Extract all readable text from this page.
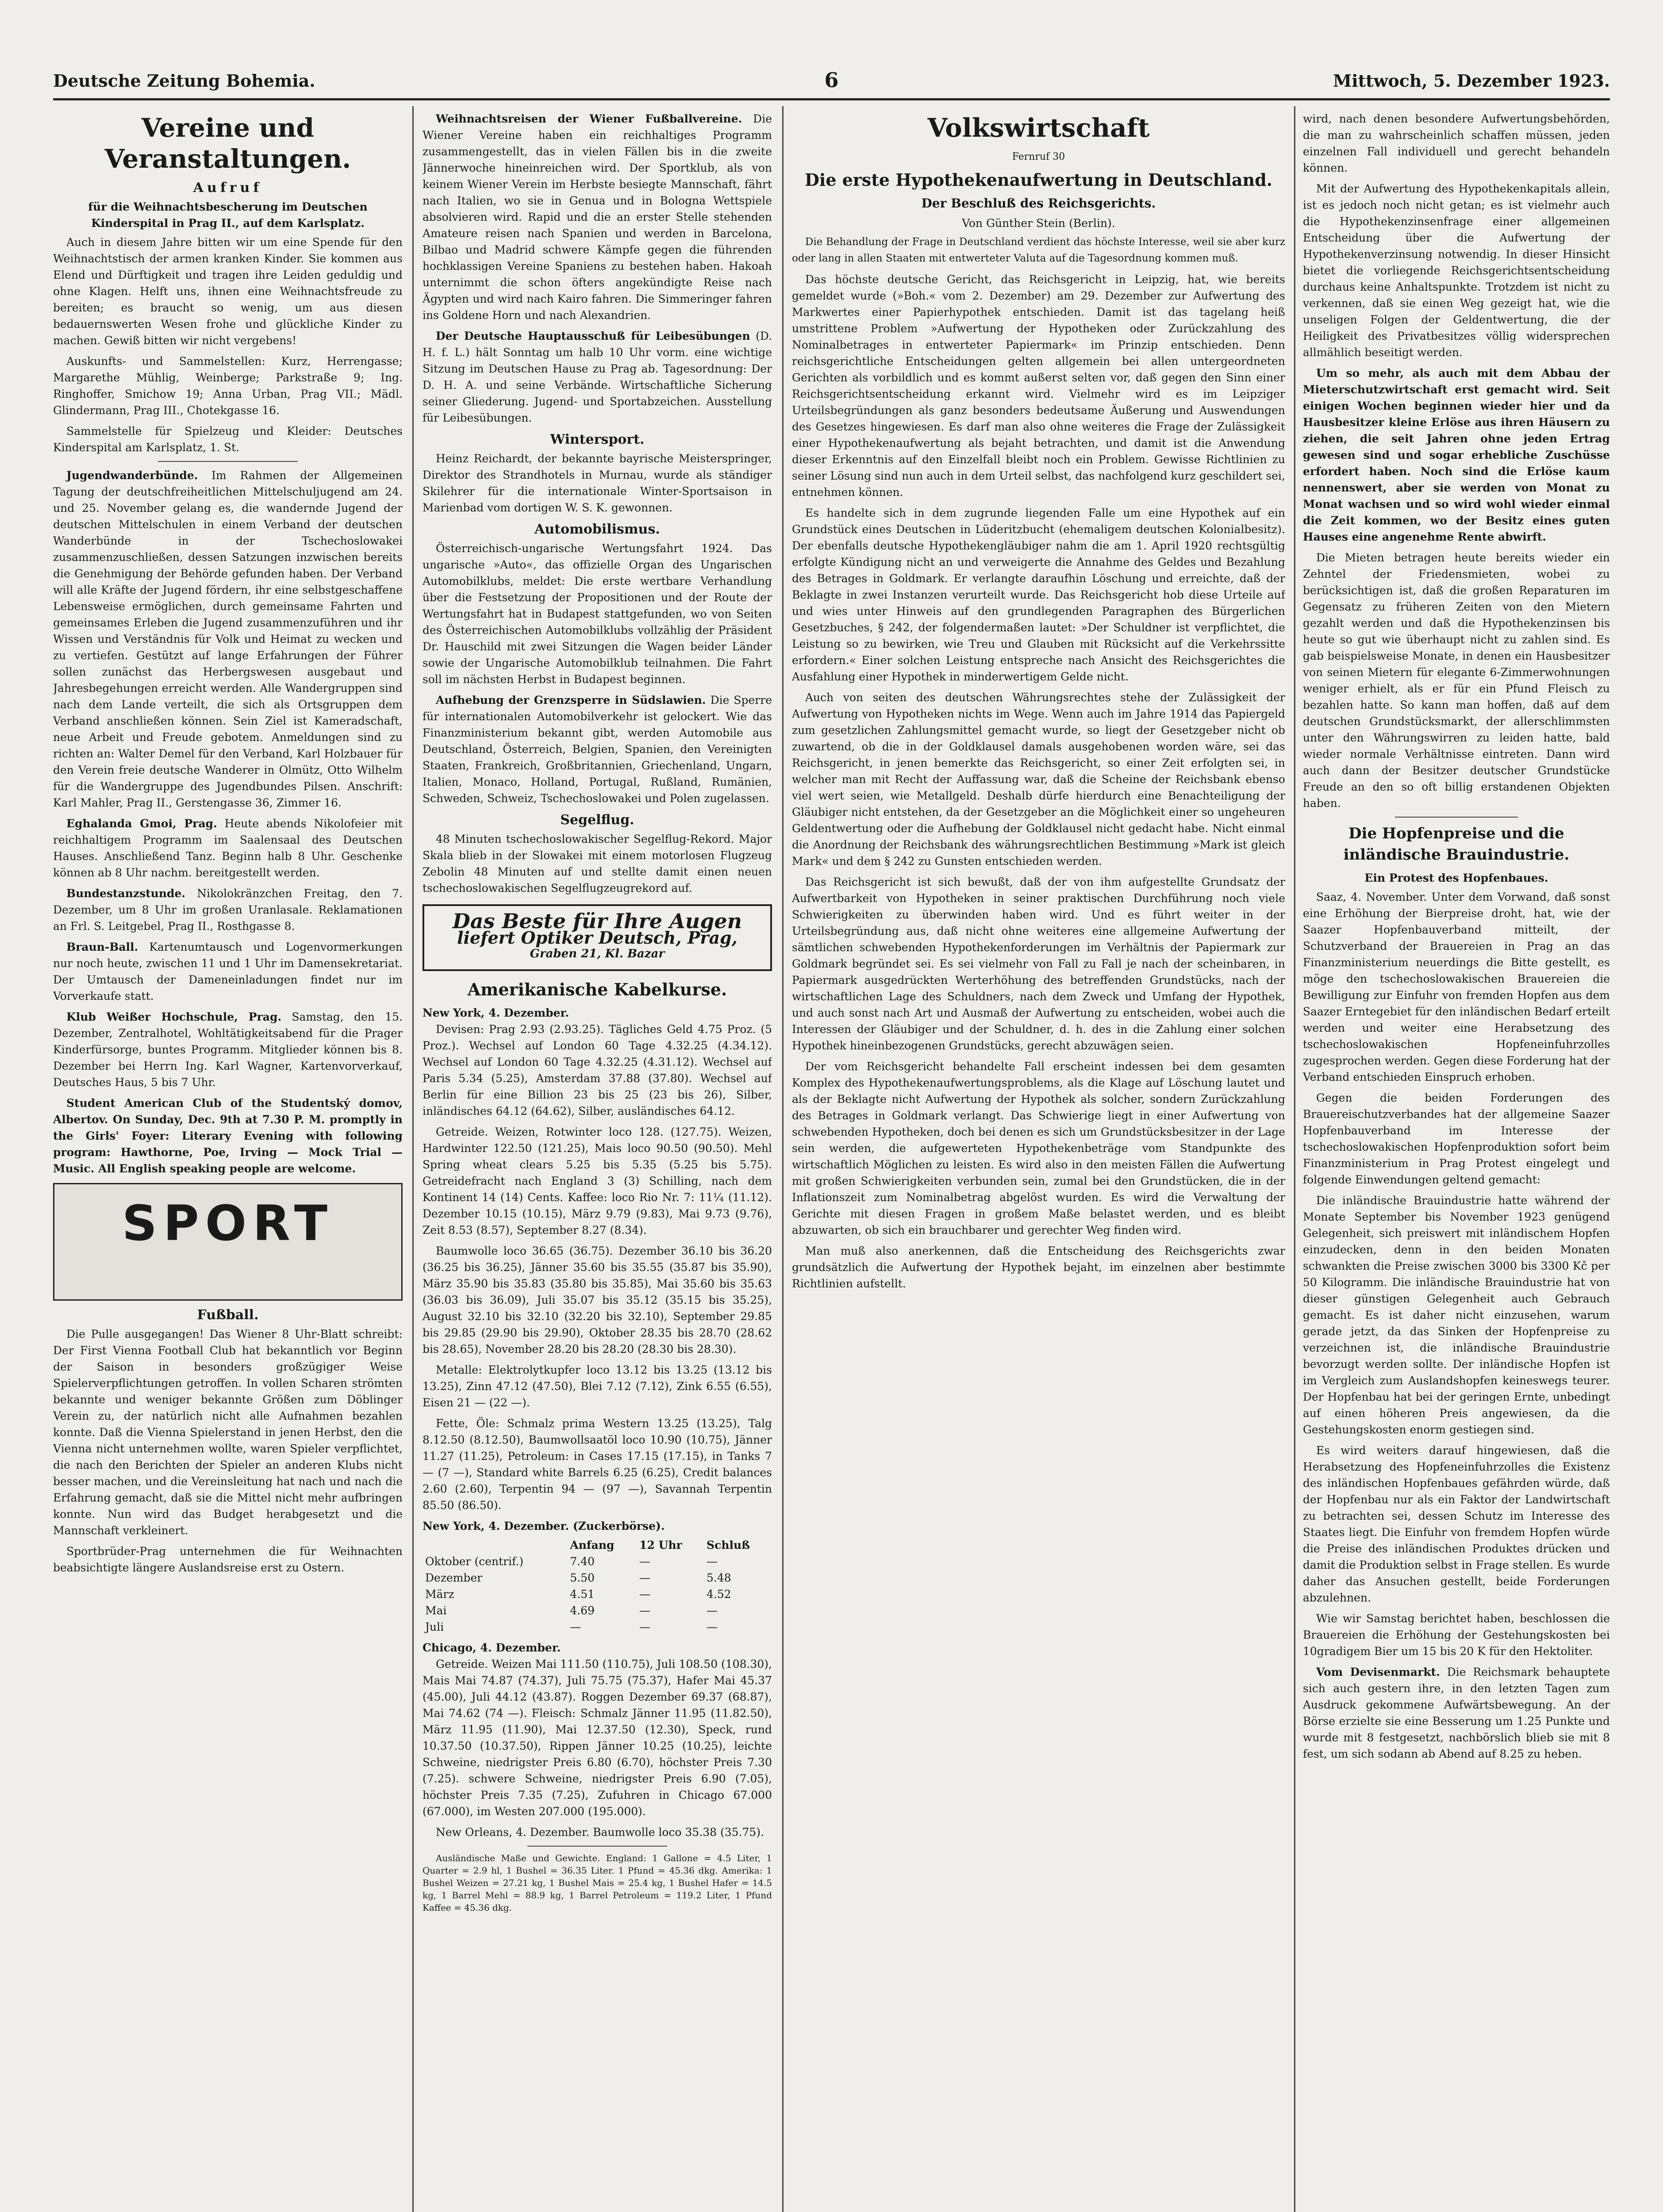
Deutsche Zeitung Bohemia.	6	Mittwoch, 5. Dezember 1923.
Vereine und Veranstaltungen.
Aufruf
für die Weihnachtsbescherung im Deutschen Kinderspital in Prag II., auf dem Karlsplatz.

Auch in diesem Jahre bitten wir um eine Spende für den Weihnachtstisch der armen kranken Kinder. Sie kommen aus Elend und Dürftigkeit und tragen ihre Leiden geduldig und ohne Klagen. Helft uns, ihnen eine Weihnachtsfreude zu bereiten; es braucht so wenig, um aus diesen bedauernswerten Wesen frohe und glückliche Kinder zu machen. Gewiß bitten wir nicht vergebens!

Auskunfts- und Sammelstellen: Kurz, Herrengasse; Margarethe Mühlig, Weinberge; Parkstraße 9; Ing. Ringhoffer, Smichow 19; Anna Urban, Prag VII.; Mädl. Glindermann, Prag III., Chotekgasse 16.

Sammelstelle für Spielzeug und Kleider: Deutsches Kinderspital am Karlsplatz, 1. St.

Jugendwanderbünde. Im Rahmen der Allgemeinen Tagung der deutschfreiheitlichen Mittelschuljugend am 24. und 25. November gelang es, die wandernde Jugend der deutschen Mittelschulen in einem Verband der deutschen Wanderbünde in der Tschechoslowakei zusammenzuschließen, dessen Satzungen inzwischen bereits die Genehmigung der Behörde gefunden haben. Der Verband will alle Kräfte der Jugend fördern, ihr eine selbstgeschaffene Lebensweise ermöglichen, durch gemeinsame Fahrten und gemeinsames Erleben die Jugend zusammenzuführen und ihr Wissen und Verständnis für Volk und Heimat zu wecken und zu vertiefen. Gestützt auf lange Erfahrungen der Führer sollen zunächst das Herbergswesen ausgebaut und Jahresbegehungen erreicht werden. Alle Wandergruppen sind nach dem Lande verteilt, die sich als Ortsgruppen dem Verband anschließen können. Sein Ziel ist Kameradschaft, neue Arbeit und Freude gebotem. Anmeldungen sind zu richten an: Walter Demel für den Verband, Karl Holzbauer für den Verein freie deutsche Wanderer in Olmütz, Otto Wilhelm für die Wandergruppe des Jugendbundes Pilsen. Anschrift: Karl Mahler, Prag II., Gerstengasse 36, Zimmer 16.

Eghalanda Gmoi, Prag. Heute abends Nikolofeier mit reichhaltigem Programm im Saalensaal des Deutschen Hauses. Anschließend Tanz. Beginn halb 8 Uhr. Geschenke können ab 8 Uhr nachm. bereitgestellt werden.

Bundestanzstunde. Nikolokränzchen Freitag, den 7. Dezember, um 8 Uhr im großen Uranlasale. Reklamationen an Frl. S. Leitgebel, Prag II., Rosthgasse 8.

Braun-Ball. Kartenumtausch und Logenvormerkungen nur noch heute, zwischen 11 und 1 Uhr im Damensekretariat. Der Umtausch der Dameneinladungen findet nur im Vorverkaufe statt.

Klub Weißer Hochschule, Prag. Samstag, den 15. Dezember, Zentralhotel, Wohltätigkeitsabend für die Prager Kinderfürsorge, buntes Programm. Mitglieder können bis 8. Dezember bei Herrn Ing. Karl Wagner, Kartenvorverkauf, Deutsches Haus, 5 bis 7 Uhr.

Student American Club of the Studentský domov, Albertov. On Sunday, Dec. 9th at 7.30 P. M. promptly in the Girls' Foyer: Literary Evening with following program: Hawthorne, Poe, Irving — Mock Trial — Music. All English speaking people are welcome.

SPORT
Fußball.

Die Pulle ausgegangen! Das Wiener 8 Uhr-Blatt schreibt: Der First Vienna Football Club hat bekanntlich vor Beginn der Saison in besonders großzügiger Weise Spielerverpflichtungen getroffen. In vollen Scharen strömten bekannte und weniger bekannte Größen zum Döblinger Verein zu, der natürlich nicht alle Aufnahmen bezahlen konnte. Daß die Vienna Spielerstand in jenen Herbst, den die Vienna nicht unternehmen wollte, waren Spieler verpflichtet, die nach den Berichten der Spieler an anderen Klubs nicht besser machen, und die Vereinsleitung hat nach und nach die Erfahrung gemacht, daß sie die Mittel nicht mehr aufbringen konnte. Nun wird das Budget herabgesetzt und die Mannschaft verkleinert.

Sportbrüder-Prag unternehmen die für Weihnachten beabsichtigte längere Auslandsreise erst zu Ostern.

Weihnachtsreisen der Wiener Fußballvereine. Die Wiener Vereine haben ein reichhaltiges Programm zusammengestellt, das in vielen Fällen bis in die zweite Jännerwoche hineinreichen wird. Der Sportklub, als von keinem Wiener Verein im Herbste besiegte Mannschaft, fährt nach Italien, wo sie in Genua und in Bologna Wettspiele absolvieren wird. Rapid und die an erster Stelle stehenden Amateure reisen nach Spanien und werden in Barcelona, Bilbao und Madrid schwere Kämpfe gegen die führenden hochklassigen Vereine Spaniens zu bestehen haben. Hakoah unternimmt die schon öfters angekündigte Reise nach Ägypten und wird nach Kairo fahren. Die Simmeringer fahren ins Goldene Horn und nach Alexandrien.

Der Deutsche Hauptausschuß für Leibesübungen (D. H. f. L.) hält Sonntag um halb 10 Uhr vorm. eine wichtige Sitzung im Deutschen Hause zu Prag ab. Tagesordnung: Der D. H. A. und seine Verbände. Wirtschaftliche Sicherung seiner Gliederung. Jugend- und Sportabzeichen. Ausstellung für Leibesübungen.

Wintersport.

Heinz Reichardt, der bekannte bayrische Meisterspringer, Direktor des Strandhotels in Murnau, wurde als ständiger Skilehrer für die internationale Winter-Sportsaison in Marienbad vom dortigen W. S. K. gewonnen.

Automobilismus.

Österreichisch-ungarische Wertungsfahrt 1924. Das ungarische »Auto«, das offizielle Organ des Ungarischen Automobilklubs, meldet: Die erste wertbare Verhandlung über die Festsetzung der Propositionen und der Route der Wertungsfahrt hat in Budapest stattgefunden, wo von Seiten des Österreichischen Automobilklubs vollzählig der Präsident Dr. Hauschild mit zwei Sitzungen die Wagen beider Länder sowie der Ungarische Automobilklub teilnahmen. Die Fahrt soll im nächsten Herbst in Budapest beginnen.

Aufhebung der Grenzsperre in Südslawien. Die Sperre für internationalen Automobilverkehr ist gelockert. Wie das Finanzministerium bekannt gibt, werden Automobile aus Deutschland, Österreich, Belgien, Spanien, den Vereinigten Staaten, Frankreich, Großbritannien, Griechenland, Ungarn, Italien, Monaco, Holland, Portugal, Rußland, Rumänien, Schweden, Schweiz, Tschechoslowakei und Polen zugelassen.

Segelflug.

48 Minuten tschechoslowakischer Segelflug-Rekord. Major Skala blieb in der Slowakei mit einem motorlosen Flugzeug Zebolin 48 Minuten auf und stellte damit einen neuen tschechoslowakischen Segelflugzeugrekord auf.

Das Beste für Ihre Augen
liefert Optiker Deutsch, Prag,
Graben 21, Kl. Bazar
Amerikanische Kabelkurse.
New York, 4. Dezember.

Devisen: Prag 2.93 (2.93.25). Tägliches Geld 4.75 Proz. (5 Proz.). Wechsel auf London 60 Tage 4.32.25 (4.34.12). Wechsel auf London 60 Tage 4.32.25 (4.31.12). Wechsel auf Paris 5.34 (5.25), Amsterdam 37.88 (37.80). Wechsel auf Berlin für eine Billion 23 bis 25 (23 bis 26), Silber, inländisches 64.12 (64.62), Silber, ausländisches 64.12.

Getreide. Weizen, Rotwinter loco 128. (127.75). Weizen, Hardwinter 122.50 (121.25), Mais loco 90.50 (90.50). Mehl Spring wheat clears 5.25 bis 5.35 (5.25 bis 5.75). Getreidefracht nach England 3 (3) Schilling, nach dem Kontinent 14 (14) Cents. Kaffee: loco Rio Nr. 7: 11¼ (11.12). Dezember 10.15 (10.15), März 9.79 (9.83), Mai 9.73 (9.76), Zeit 8.53 (8.57), September 8.27 (8.34).

Baumwolle loco 36.65 (36.75). Dezember 36.10 bis 36.20 (36.25 bis 36.25), Jänner 35.60 bis 35.55 (35.87 bis 35.90), März 35.90 bis 35.83 (35.80 bis 35.85), Mai 35.60 bis 35.63 (36.03 bis 36.09), Juli 35.07 bis 35.12 (35.15 bis 35.25), August 32.10 bis 32.10 (32.20 bis 32.10), September 29.85 bis 29.85 (29.90 bis 29.90), Oktober 28.35 bis 28.70 (28.62 bis 28.65), November 28.20 bis 28.20 (28.30 bis 28.30).

Metalle: Elektrolytkupfer loco 13.12 bis 13.25 (13.12 bis 13.25), Zinn 47.12 (47.50), Blei 7.12 (7.12), Zink 6.55 (6.55), Eisen 21 — (22 —).

Fette, Öle: Schmalz prima Western 13.25 (13.25), Talg 8.12.50 (8.12.50), Baumwollsaatöl loco 10.90 (10.75), Jänner 11.27 (11.25), Petroleum: in Cases 17.15 (17.15), in Tanks 7 — (7 —), Standard white Barrels 6.25 (6.25), Credit balances 2.60 (2.60), Terpentin 94 — (97 —), Savannah Terpentin 85.50 (86.50).

New York, 4. Dezember. (Zuckerbörse).
	Anfang	12 Uhr	Schluß
Oktober (centrif.)	7.40	—	—
Dezember	5.50	—	5.48
März	4.51	—	4.52
Mai	4.69	—	—
Juli	—	—	—
Chicago, 4. Dezember.

Getreide. Weizen Mai 111.50 (110.75), Juli 108.50 (108.30), Mais Mai 74.87 (74.37), Juli 75.75 (75.37), Hafer Mai 45.37 (45.00), Juli 44.12 (43.87). Roggen Dezember 69.37 (68.87), Mai 74.62 (74 —). Fleisch: Schmalz Jänner 11.95 (11.82.50), März 11.95 (11.90), Mai 12.37.50 (12.30), Speck, rund 10.37.50 (10.37.50), Rippen Jänner 10.25 (10.25), leichte Schweine, niedrigster Preis 6.80 (6.70), höchster Preis 7.30 (7.25). schwere Schweine, niedrigster Preis 6.90 (7.05), höchster Preis 7.35 (7.25), Zufuhren in Chicago 67.000 (67.000), im Westen 207.000 (195.000).

New Orleans, 4. Dezember. Baumwolle loco 35.38 (35.75).

Ausländische Maße und Gewichte. England: 1 Gallone = 4.5 Liter, 1 Quarter = 2.9 hl, 1 Bushel = 36.35 Liter. 1 Pfund = 45.36 dkg. Amerika: 1 Bushel Weizen = 27.21 kg, 1 Bushel Mais = 25.4 kg, 1 Bushel Hafer = 14.5 kg, 1 Barrel Mehl = 88.9 kg, 1 Barrel Petroleum = 119.2 Liter, 1 Pfund Kaffee = 45.36 dkg.

Volkswirtschaft
Fernruf 30
Die erste Hypothekenaufwertung in Deutschland.
Der Beschluß des Reichsgerichts.
Von Günther Stein (Berlin).

Die Behandlung der Frage in Deutschland verdient das höchste Interesse, weil sie aber kurz oder lang in allen Staaten mit entwerteter Valuta auf die Tagesordnung kommen muß.

Das höchste deutsche Gericht, das Reichsgericht in Leipzig, hat, wie bereits gemeldet wurde (»Boh.« vom 2. Dezember) am 29. Dezember zur Aufwertung des Markwertes einer Papierhypothek entschieden. Damit ist das tagelang heiß umstrittene Problem »Aufwertung der Hypotheken oder Zurückzahlung des Nominalbetrages in entwerteter Papiermark« im Prinzip entschieden. Denn reichsgerichtliche Entscheidungen gelten allgemein bei allen untergeordneten Gerichten als vorbildlich und es kommt außerst selten vor, daß gegen den Sinn einer Reichsgerichtsentscheidung erkannt wird. Vielmehr wird es im Leipziger Urteilsbegründungen als ganz besonders bedeutsame Äußerung und Auswendungen des Gesetzes hingewiesen. Es darf man also ohne weiteres die Frage der Zulässigkeit einer Hypothekenaufwertung als bejaht betrachten, und damit ist die Anwendung dieser Erkenntnis auf den Einzelfall bleibt noch ein Problem. Gewisse Richtlinien zu seiner Lösung sind nun auch in dem Urteil selbst, das nachfolgend kurz geschildert sei, entnehmen können.

Es handelte sich in dem zugrunde liegenden Falle um eine Hypothek auf ein Grundstück eines Deutschen in Lüderitzbucht (ehemaligem deutschen Kolonialbesitz). Der ebenfalls deutsche Hypothekengläubiger nahm die am 1. April 1920 rechtsgültig erfolgte Kündigung nicht an und verweigerte die Annahme des Geldes und Bezahlung des Betrages in Goldmark. Er verlangte daraufhin Löschung und erreichte, daß der Beklagte in zwei Instanzen verurteilt wurde. Das Reichsgericht hob diese Urteile auf und wies unter Hinweis auf den grundlegenden Paragraphen des Bürgerlichen Gesetzbuches, § 242, der folgendermaßen lautet: »Der Schuldner ist verpflichtet, die Leistung so zu bewirken, wie Treu und Glauben mit Rücksicht auf die Verkehrssitte erfordern.« Einer solchen Leistung entspreche nach Ansicht des Reichsgerichtes die Ausfahlung einer Hypothek in minderwertigem Gelde nicht.

Auch von seiten des deutschen Währungsrechtes stehe der Zulässigkeit der Aufwertung von Hypotheken nichts im Wege. Wenn auch im Jahre 1914 das Papiergeld zum gesetzlichen Zahlungsmittel gemacht wurde, so liegt der Gesetzgeber nicht ob zuwartend, ob die in der Goldklausel damals ausgehobenen worden wäre, sei das Reichsgericht, in jenen bemerkte das Reichsgericht, so einer Zeit erfolgten sei, in welcher man mit Recht der Auffassung war, daß die Scheine der Reichsbank ebenso viel wert seien, wie Metallgeld. Deshalb dürfe hierdurch eine Benachteiligung der Gläubiger nicht entstehen, da der Gesetzgeber an die Möglichkeit einer so ungeheuren Geldentwertung oder die Aufhebung der Goldklausel nicht gedacht habe. Nicht einmal die Anordnung der Reichsbank des währungsrechtlichen Bestimmung »Mark ist gleich Mark« und dem § 242 zu Gunsten entschieden werden.

Das Reichsgericht ist sich bewußt, daß der von ihm aufgestellte Grundsatz der Aufwertbarkeit von Hypotheken in seiner praktischen Durchführung noch viele Schwierigkeiten zu überwinden haben wird. Und es führt weiter in der Urteilsbegründung aus, daß nicht ohne weiteres eine allgemeine Aufwertung der sämtlichen schwebenden Hypothekenforderungen im Verhältnis der Papiermark zur Goldmark begründet sei. Es sei vielmehr von Fall zu Fall je nach der scheinbaren, in Papiermark ausgedrückten Werterhöhung des betreffenden Grundstücks, nach der wirtschaftlichen Lage des Schuldners, nach dem Zweck und Umfang der Hypothek, und auch sonst nach Art und Ausmaß der Aufwertung zu entscheiden, wobei auch die Interessen der Gläubiger und der Schuldner, d. h. des in die Zahlung einer solchen Hypothek hineinbezogenen Grundstücks, gerecht abzuwägen seien.

Der vom Reichsgericht behandelte Fall erscheint indessen bei dem gesamten Komplex des Hypothekenaufwertungsproblems, als die Klage auf Löschung lautet und als der Beklagte nicht Aufwertung der Hypothek als solcher, sondern Zurückzahlung des Betrages in Goldmark verlangt. Das Schwierige liegt in einer Aufwertung von schwebenden Hypotheken, doch bei denen es sich um Grundstücksbesitzer in der Lage sein werden, die aufgewerteten Hypothekenbeträge vom Standpunkte des wirtschaftlich Möglichen zu leisten. Es wird also in den meisten Fällen die Aufwertung mit großen Schwierigkeiten verbunden sein, zumal bei den Grundstücken, die in der Inflationszeit zum Nominalbetrag abgelöst wurden. Es wird die Verwaltung der Gerichte mit diesen Fragen in großem Maße belastet werden, und es bleibt abzuwarten, ob sich ein brauchbarer und gerechter Weg finden wird.

Man muß also anerkennen, daß die Entscheidung des Reichsgerichts zwar grundsätzlich die Aufwertung der Hypothek bejaht, im einzelnen aber bestimmte Richtlinien aufstellt.

wird, nach denen besondere Aufwertungsbehörden, die man zu wahrscheinlich schaffen müssen, jeden einzelnen Fall individuell und gerecht behandeln können.

Mit der Aufwertung des Hypothekenkapitals allein, ist es jedoch noch nicht getan; es ist vielmehr auch die Hypothekenzinsenfrage einer allgemeinen Entscheidung über die Aufwertung der Hypothekenverzinsung notwendig. In dieser Hinsicht bietet die vorliegende Reichsgerichtsentscheidung durchaus keine Anhaltspunkte. Trotzdem ist nicht zu verkennen, daß sie einen Weg gezeigt hat, wie die unseligen Folgen der Geldentwertung, die der Heiligkeit des Privatbesitzes völlig widersprechen allmählich beseitigt werden.

Um so mehr, als auch mit dem Abbau der Mieterschutzwirtschaft erst gemacht wird. Seit einigen Wochen beginnen wieder hier und da Hausbesitzer kleine Erlöse aus ihren Häusern zu ziehen, die seit Jahren ohne jeden Ertrag gewesen sind und sogar erhebliche Zuschüsse erfordert haben. Noch sind die Erlöse kaum nennenswert, aber sie werden von Monat zu Monat wachsen und so wird wohl wieder einmal die Zeit kommen, wo der Besitz eines guten Hauses eine angenehme Rente abwirft.

Die Mieten betragen heute bereits wieder ein Zehntel der Friedensmieten, wobei zu berücksichtigen ist, daß die großen Reparaturen im Gegensatz zu früheren Zeiten von den Mietern gezahlt werden und daß die Hypothekenzinsen bis heute so gut wie überhaupt nicht zu zahlen sind. Es gab beispielsweise Monate, in denen ein Hausbesitzer von seinen Mietern für elegante 6-Zimmerwohnungen weniger erhielt, als er für ein Pfund Fleisch zu bezahlen hatte. So kann man hoffen, daß auf dem deutschen Grundstücksmarkt, der allerschlimmsten unter den Währungswirren zu leiden hatte, bald wieder normale Verhältnisse eintreten. Dann wird auch dann der Besitzer deutscher Grundstücke Freude an den so oft billig erstandenen Objekten haben.

Die Hopfenpreise und die inländische Brauindustrie.
Ein Protest des Hopfenbaues.

Saaz, 4. November. Unter dem Vorwand, daß sonst eine Erhöhung der Bierpreise droht, hat, wie der Saazer Hopfenbauverband mitteilt, der Schutzverband der Brauereien in Prag an das Finanzministerium neuerdings die Bitte gestellt, es möge den tschechoslowakischen Brauereien die Bewilligung zur Einfuhr von fremden Hopfen aus dem Saazer Erntegebiet für den inländischen Bedarf erteilt werden und weiter eine Herabsetzung des tschechoslowakischen Hopfeneinfuhrzolles zugesprochen werden. Gegen diese Forderung hat der Verband entschieden Einspruch erhoben.

Gegen die beiden Forderungen des Brauereischutzverbandes hat der allgemeine Saazer Hopfenbauverband im Interesse der tschechoslowakischen Hopfenproduktion sofort beim Finanzministerium in Prag Protest eingelegt und folgende Einwendungen geltend gemacht:

Die inländische Brauindustrie hatte während der Monate September bis November 1923 genügend Gelegenheit, sich preiswert mit inländischem Hopfen einzudecken, denn in den beiden Monaten schwankten die Preise zwischen 3000 bis 3300 Kč per 50 Kilogramm. Die inländische Brauindustrie hat von dieser günstigen Gelegenheit auch Gebrauch gemacht. Es ist daher nicht einzusehen, warum gerade jetzt, da das Sinken der Hopfenpreise zu verzeichnen ist, die inländische Brauindustrie bevorzugt werden sollte. Der inländische Hopfen ist im Vergleich zum Auslandshopfen keineswegs teurer. Der Hopfenbau hat bei der geringen Ernte, unbedingt auf einen höheren Preis angewiesen, da die Gestehungskosten enorm gestiegen sind.

Es wird weiters darauf hingewiesen, daß die Herabsetzung des Hopfeneinfuhrzolles die Existenz des inländischen Hopfenbaues gefährden würde, daß der Hopfenbau nur als ein Faktor der Landwirtschaft zu betrachten sei, dessen Schutz im Interesse des Staates liegt. Die Einfuhr von fremdem Hopfen würde die Preise des inländischen Produktes drücken und damit die Produktion selbst in Frage stellen. Es wurde daher das Ansuchen gestellt, beide Forderungen abzulehnen.

Wie wir Samstag berichtet haben, beschlossen die Brauereien die Erhöhung der Gestehungskosten bei 10gradigem Bier um 15 bis 20 K für den Hektoliter.

Vom Devisenmarkt. Die Reichsmark behauptete sich auch gestern ihre, in den letzten Tagen zum Ausdruck gekommene Aufwärtsbewegung. An der Börse erzielte sie eine Besserung um 1.25 Punkte und wurde mit 8 festgesetzt, nachbörslich blieb sie mit 8 fest, um sich sodann ab Abend auf 8.25 zu heben.
